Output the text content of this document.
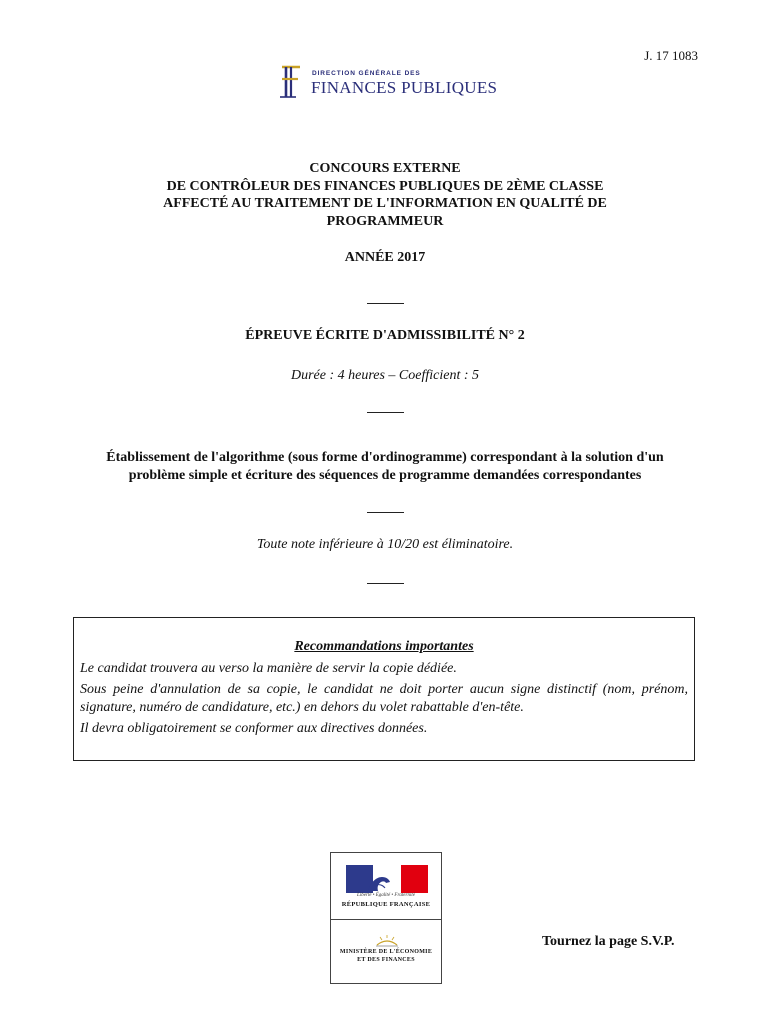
J. 17 1083
DIRECTION GÉNÉRALE DES
FINANCES PUBLIQUES
CONCOURS EXTERNE
DE CONTRÔLEUR DES FINANCES PUBLIQUES DE 2ÈME CLASSE
AFFECTÉ AU TRAITEMENT DE L'INFORMATION EN QUALITÉ DE
PROGRAMMEUR
ANNÉE 2017
ÉPREUVE ÉCRITE D'ADMISSIBILITÉ N° 2
Durée : 4 heures – Coefficient : 5
Établissement de l'algorithme (sous forme d'ordinogramme) correspondant à la solution d'un
problème simple et écriture des séquences de programme demandées correspondantes
Toute note inférieure à 10/20 est éliminatoire.
Recommandations importantes

Le candidat trouvera au verso la manière de servir la copie dédiée.

Sous peine d'annulation de sa copie, le candidat ne doit porter aucun signe distinctif (nom, prénom, signature, numéro de candidature, etc.) en dehors du volet rabattable d'en-tête.

Il devra obligatoirement se conformer aux directives données.

Liberté • Égalité • Fraternité
RÉPUBLIQUE FRANÇAISE
MINISTÈRE DE L'ÉCONOMIE
ET DES FINANCES
Tournez la page S.V.P.
